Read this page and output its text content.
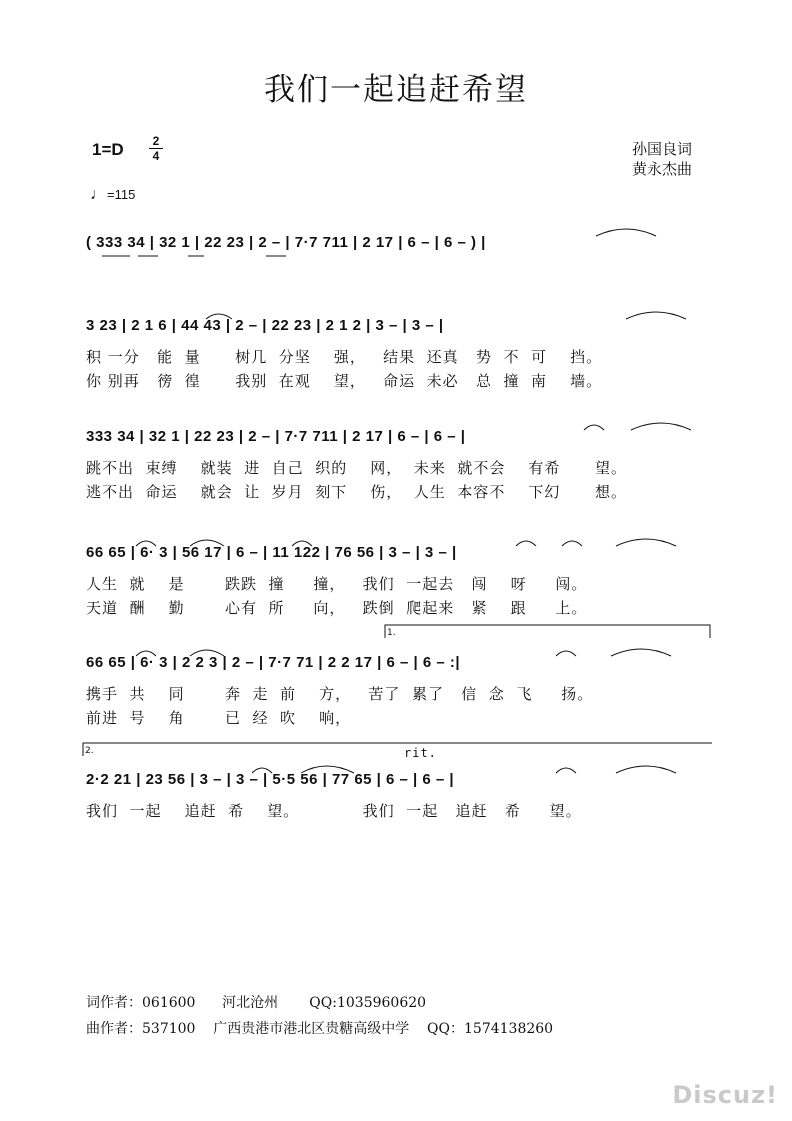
我们一起追赶希望
1=D	2
4	孙国良词
黄永杰曲
♩=115
( 333 34 | 32 1 | 22 23 | 2 – | 7·7 711 | 2 17 | 6 – | 6 – ) |
3 23 | 2 1 6 | 44 43 | 2 – | 22 23 | 2 1 2 | 3 – | 3 – |
积 一分   能  量      树几  分坚    强，   结果  还真   势  不  可    挡。
你 别再   徬  徨      我别  在观    望，   命运  未必   总  撞  南    墙。
333 34 | 32 1 | 22 23 | 2 – | 7·7 711 | 2 17 | 6 – | 6 – |
跳不出  束缚    就装  进  自己  织的    网，  未来  就不会    有希      望。
逃不出  命运    就会  让  岁月  刻下    伤，  人生  本容不    下幻      想。
66 65 | 6· 3 | 56 17 | 6 – | 11 122 | 76 56 | 3 – | 3 – |
人生  就    是       跌跌  撞     撞，   我们  一起去   闯    呀     闯。
天道  酬    勤       心有  所     向，   跌倒  爬起来   紧    跟     上。
1.
66 65 | 6· 3 | 2 2 3 | 2 – | 7·7 71 | 2 2 17 | 6 – | 6 – :|
携手  共    同       奔  走  前    方，   苦了  累了   信  念  飞     扬。
前进  号    角       已  经  吹    响，
2.	rit.
2·2 21 | 23 56 | 3 – | 3 – | 5·5 56 | 77 65 | 6 – | 6 – |
我们  一起    追赶  希    望。           我们  一起   追赶   希     望。
词作者：061600      河北沧州       QQ:1035960620
曲作者：537100    广西贵港市港北区贵糖高级中学    QQ：1574138260
Discuz!
